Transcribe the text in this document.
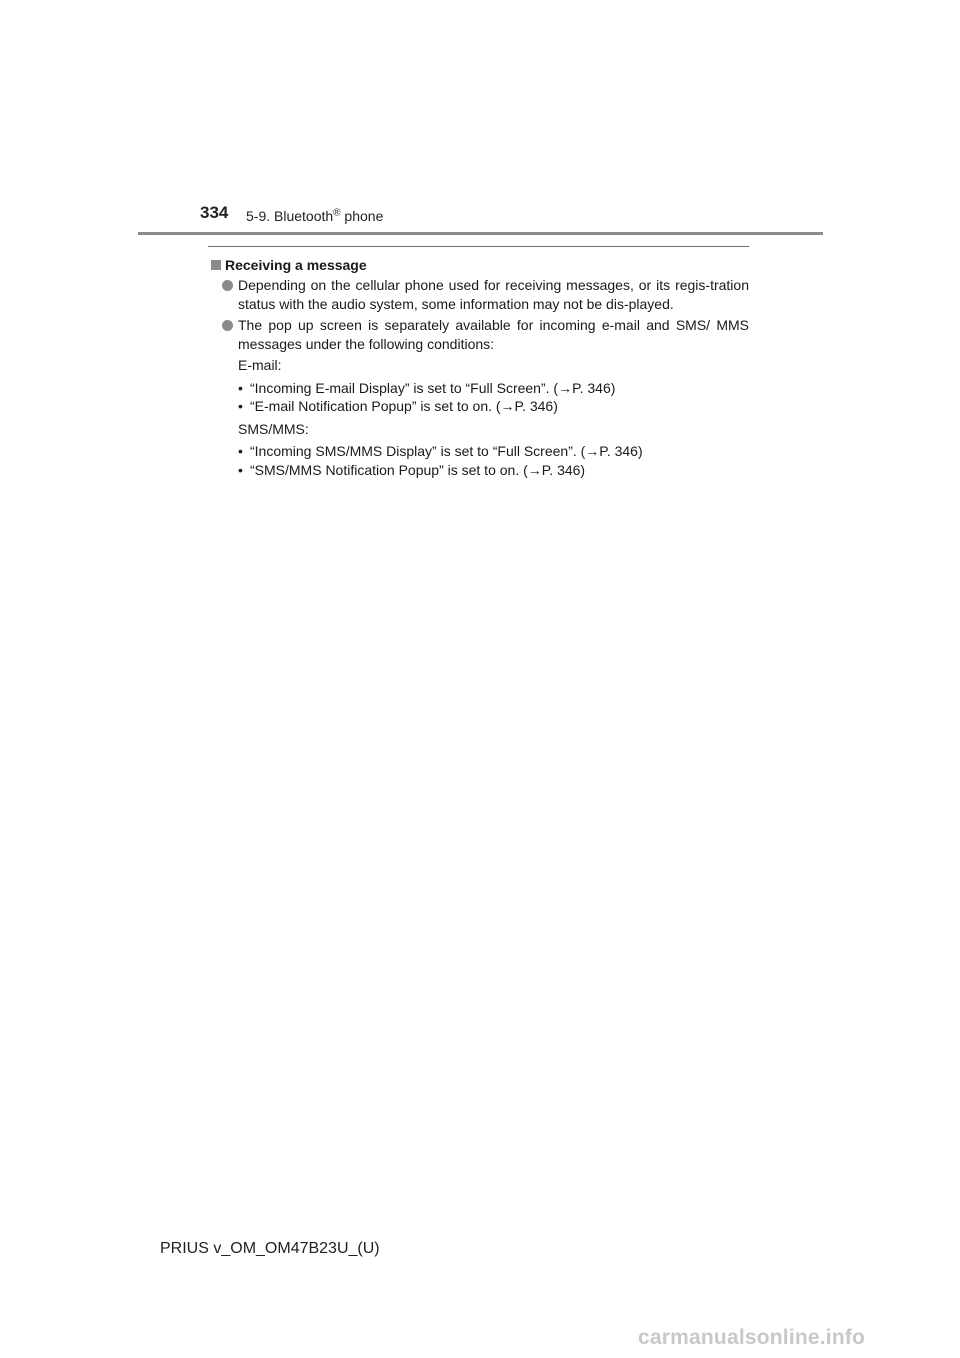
334 5-9. Bluetooth® phone
Receiving a message
Depending on the cellular phone used for receiving messages, or its regis-tration status with the audio system, some information may not be dis-played.
The pop up screen is separately available for incoming e-mail and SMS/ MMS messages under the following conditions:
E-mail:
• “Incoming E-mail Display” is set to “Full Screen”. (→P. 346)
• “E-mail Notification Popup” is set to on. (→P. 346)
SMS/MMS:
• “Incoming SMS/MMS Display” is set to “Full Screen”. (→P. 346)
• “SMS/MMS Notification Popup” is set to on. (→P. 346)
PRIUS v_OM_OM47B23U_(U)
carmanualsonline.info
